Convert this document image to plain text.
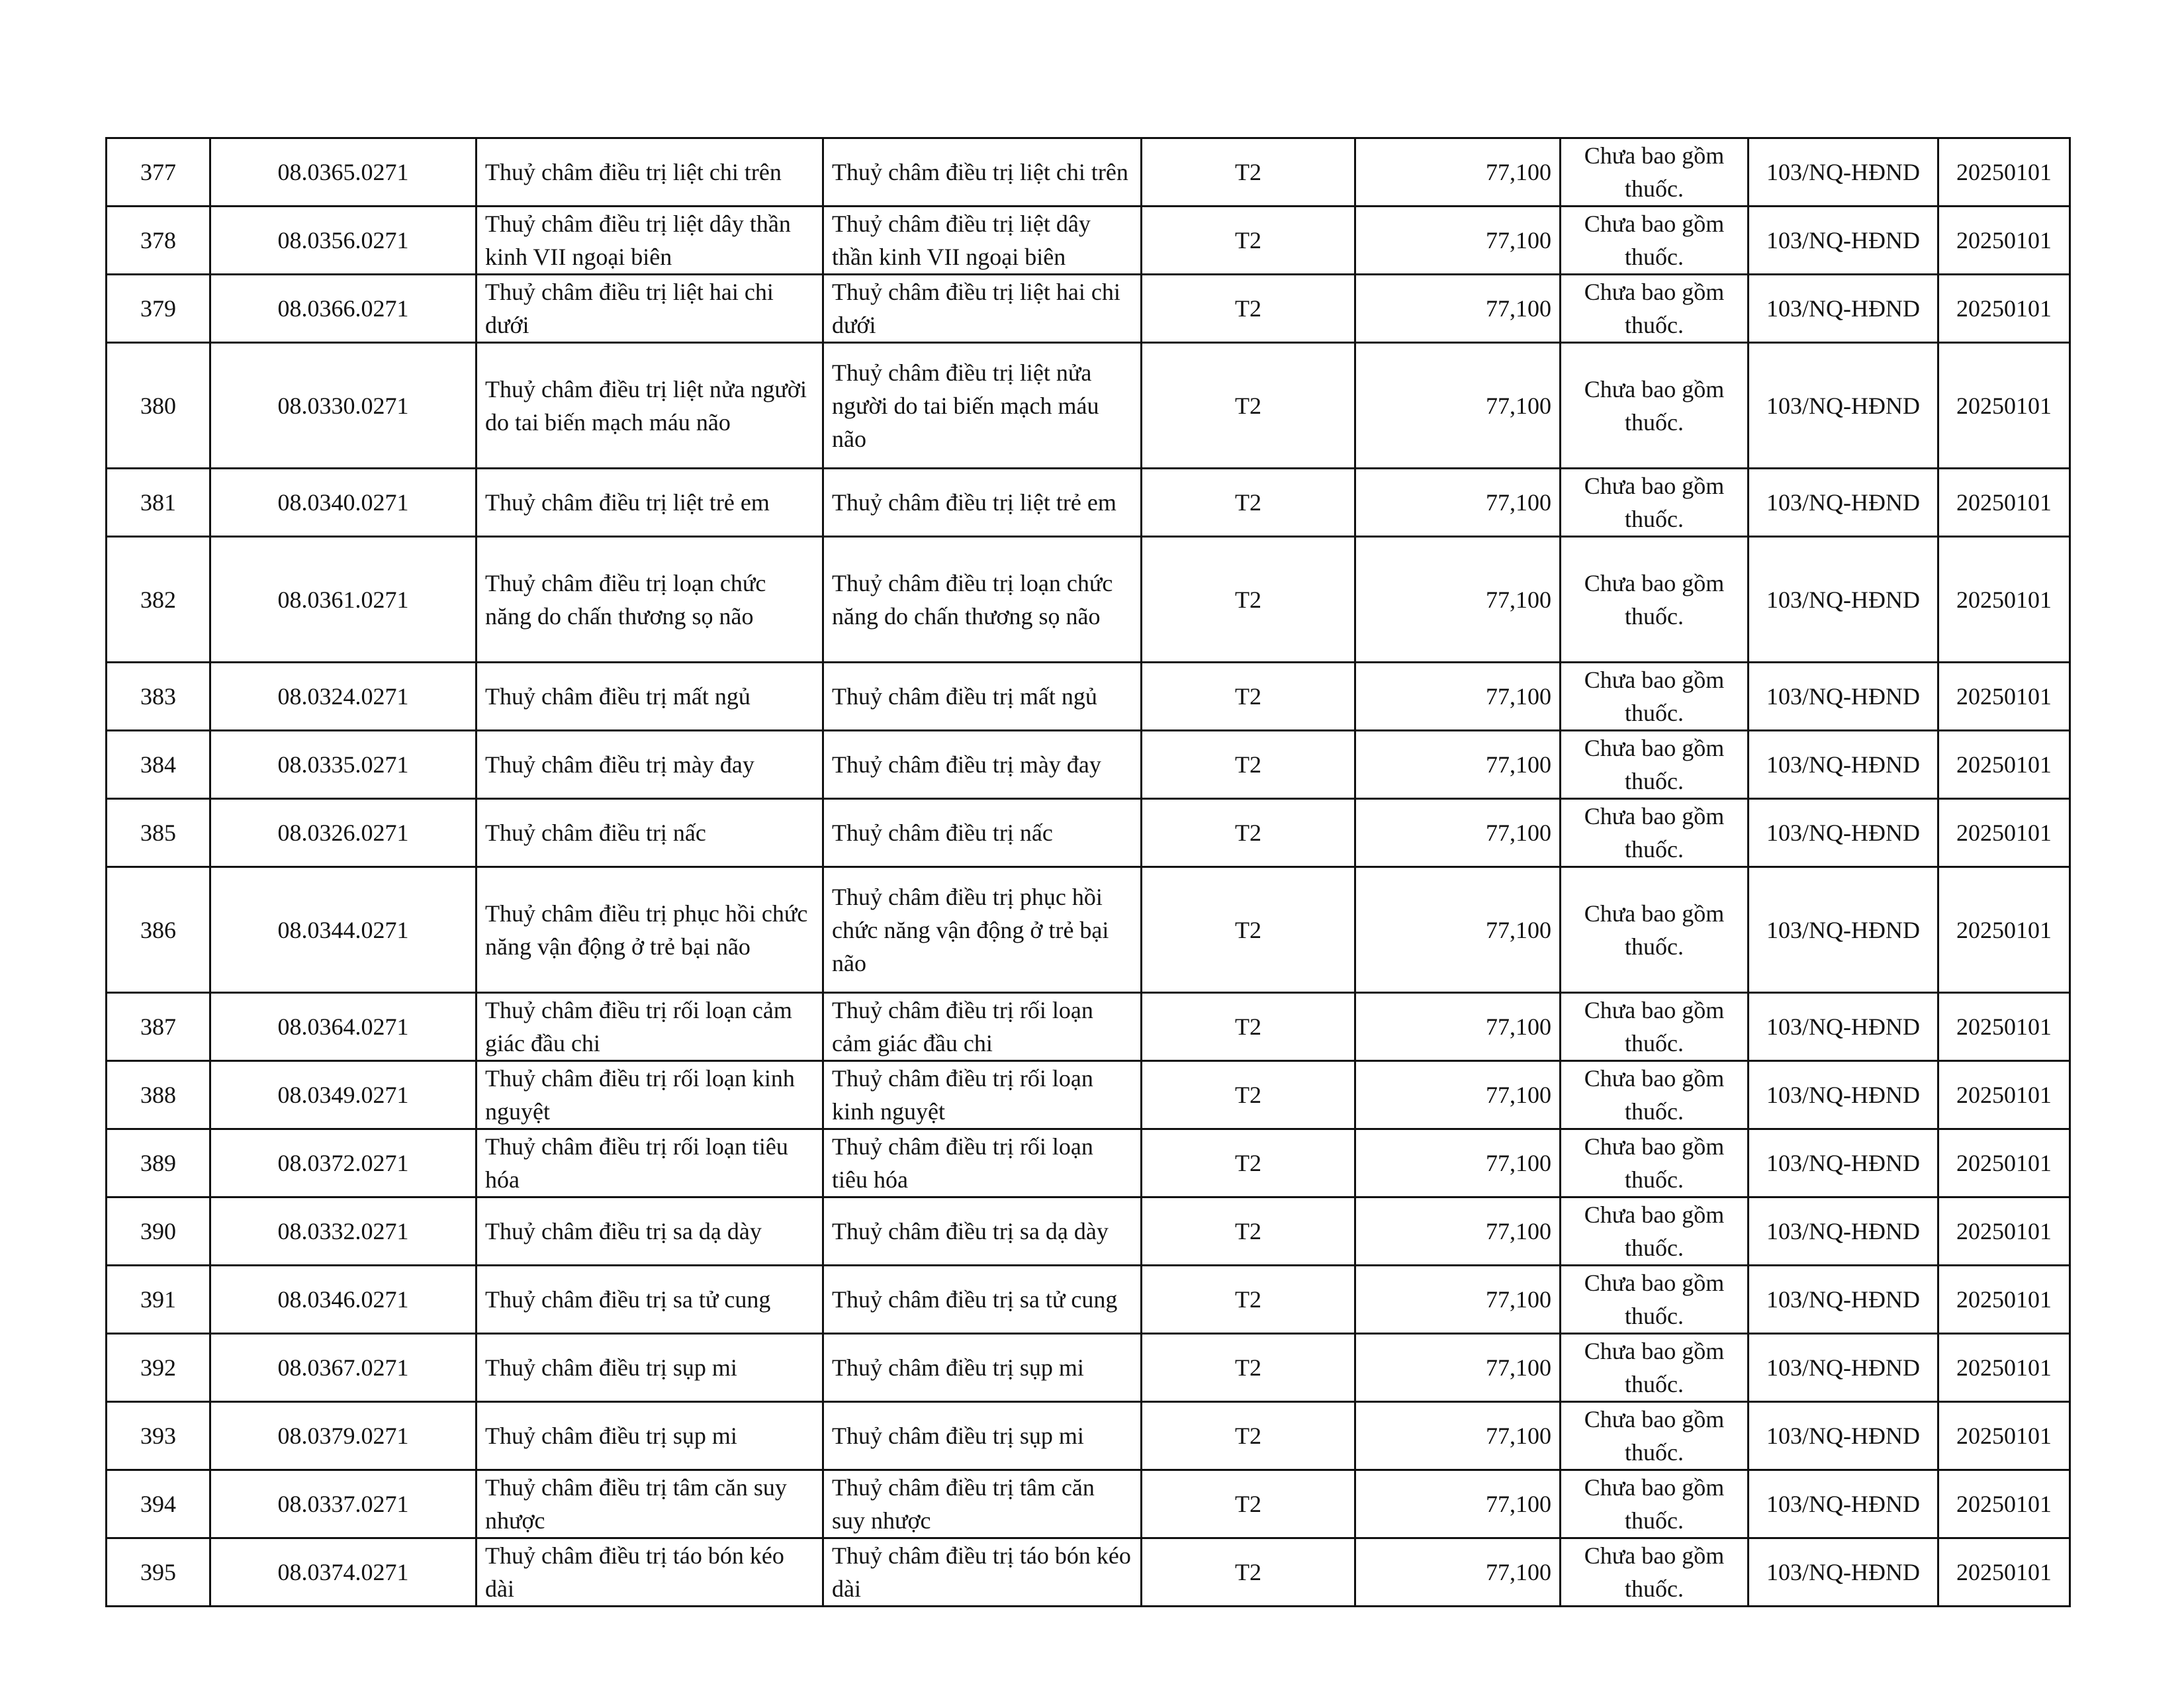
377	08.0365.0271	Thuỷ châm điều trị liệt chi trên	Thuỷ châm điều trị liệt chi trên	T2	77,100	Chưa bao gồm thuốc.	103/NQ-HĐND	20250101
378	08.0356.0271	Thuỷ châm điều trị liệt dây thần kinh VII ngoại biên	Thuỷ châm điều trị liệt dây thần kinh VII ngoại biên	T2	77,100	Chưa bao gồm thuốc.	103/NQ-HĐND	20250101
379	08.0366.0271	Thuỷ châm điều trị liệt hai chi dưới	Thuỷ châm điều trị liệt hai chi dưới	T2	77,100	Chưa bao gồm thuốc.	103/NQ-HĐND	20250101
380	08.0330.0271	Thuỷ châm điều trị liệt nửa người do tai biến mạch máu não	Thuỷ châm điều trị liệt nửa người do tai biến mạch máu não	T2	77,100	Chưa bao gồm thuốc.	103/NQ-HĐND	20250101
381	08.0340.0271	Thuỷ châm điều trị liệt trẻ em	Thuỷ châm điều trị liệt trẻ em	T2	77,100	Chưa bao gồm thuốc.	103/NQ-HĐND	20250101
382	08.0361.0271	Thuỷ châm điều trị loạn chức năng do chấn thương sọ não	Thuỷ châm điều trị loạn chức năng do chấn thương sọ não	T2	77,100	Chưa bao gồm thuốc.	103/NQ-HĐND	20250101
383	08.0324.0271	Thuỷ châm điều trị mất ngủ	Thuỷ châm điều trị mất ngủ	T2	77,100	Chưa bao gồm thuốc.	103/NQ-HĐND	20250101
384	08.0335.0271	Thuỷ châm điều trị mày đay	Thuỷ châm điều trị mày đay	T2	77,100	Chưa bao gồm thuốc.	103/NQ-HĐND	20250101
385	08.0326.0271	Thuỷ châm điều trị nấc	Thuỷ châm điều trị nấc	T2	77,100	Chưa bao gồm thuốc.	103/NQ-HĐND	20250101
386	08.0344.0271	Thuỷ châm điều trị phục hồi chức năng vận động ở trẻ bại não	Thuỷ châm điều trị phục hồi chức năng vận động ở trẻ bại não	T2	77,100	Chưa bao gồm thuốc.	103/NQ-HĐND	20250101
387	08.0364.0271	Thuỷ châm điều trị rối loạn cảm giác đầu chi	Thuỷ châm điều trị rối loạn cảm giác đầu chi	T2	77,100	Chưa bao gồm thuốc.	103/NQ-HĐND	20250101
388	08.0349.0271	Thuỷ châm điều trị rối loạn kinh nguyệt	Thuỷ châm điều trị rối loạn kinh nguyệt	T2	77,100	Chưa bao gồm thuốc.	103/NQ-HĐND	20250101
389	08.0372.0271	Thuỷ châm điều trị rối loạn tiêu hóa	Thuỷ châm điều trị rối loạn tiêu hóa	T2	77,100	Chưa bao gồm thuốc.	103/NQ-HĐND	20250101
390	08.0332.0271	Thuỷ châm điều trị sa dạ dày	Thuỷ châm điều trị sa dạ dày	T2	77,100	Chưa bao gồm thuốc.	103/NQ-HĐND	20250101
391	08.0346.0271	Thuỷ châm điều trị sa tử cung	Thuỷ châm điều trị sa tử cung	T2	77,100	Chưa bao gồm thuốc.	103/NQ-HĐND	20250101
392	08.0367.0271	Thuỷ châm điều trị sụp mi	Thuỷ châm điều trị sụp mi	T2	77,100	Chưa bao gồm thuốc.	103/NQ-HĐND	20250101
393	08.0379.0271	Thuỷ châm điều trị sụp mi	Thuỷ châm điều trị sụp mi	T2	77,100	Chưa bao gồm thuốc.	103/NQ-HĐND	20250101
394	08.0337.0271	Thuỷ châm điều trị tâm căn suy nhược	Thuỷ châm điều trị tâm căn suy nhược	T2	77,100	Chưa bao gồm thuốc.	103/NQ-HĐND	20250101
395	08.0374.0271	Thuỷ châm điều trị táo bón kéo dài	Thuỷ châm điều trị táo bón kéo dài	T2	77,100	Chưa bao gồm thuốc.	103/NQ-HĐND	20250101
